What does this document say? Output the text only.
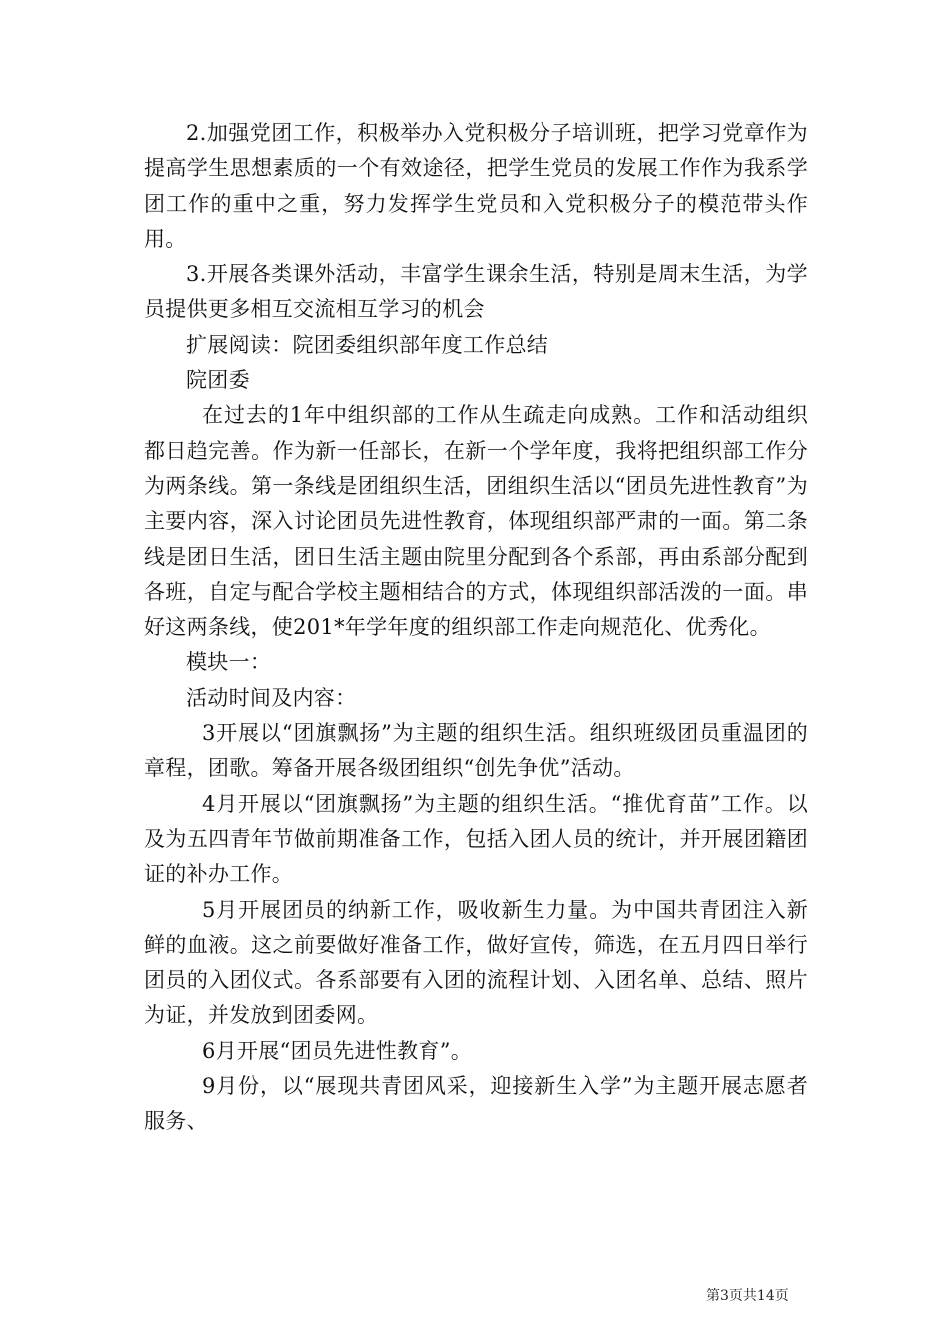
2.加强党团工作，积极举办入党积极分子培训班，把学习党章作为提高学生思想素质的一个有效途径，把学生党员的发展工作作为我系学团工作的重中之重，努力发挥学生党员和入党积极分子的模范带头作用。

3.开展各类课外活动，丰富学生课余生活，特别是周末生活，为学员提供更多相互交流相互学习的机会

扩展阅读：院团委组织部年度工作总结

院团委

在过去的1年中组织部的工作从生疏走向成熟。工作和活动组织都日趋完善。作为新一任部长，在新一个学年度，我将把组织部工作分为两条线。第一条线是团组织生活，团组织生活以“团员先进性教育”为主要内容，深入讨论团员先进性教育，体现组织部严肃的一面。第二条线是团日生活，团日生活主题由院里分配到各个系部，再由系部分配到各班，自定与配合学校主题相结合的方式，体现组织部活泼的一面。串好这两条线，使201*年学年度的组织部工作走向规范化、优秀化。

模块一：

活动时间及内容：

3开展以“团旗飘扬”为主题的组织生活。组织班级团员重温团的章程，团歌。筹备开展各级团组织“创先争优”活动。

4月开展以“团旗飘扬”为主题的组织生活。“推优育苗”工作。以及为五四青年节做前期准备工作，包括入团人员的统计，并开展团籍团证的补办工作。

5月开展团员的纳新工作，吸收新生力量。为中国共青团注入新鲜的血液。这之前要做好准备工作，做好宣传，筛选，在五月四日举行团员的入团仪式。各系部要有入团的流程计划、入团名单、总结、照片为证，并发放到团委网。

6月开展“团员先进性教育”。

9月份，以“展现共青团风采，迎接新生入学”为主题开展志愿者服务、

第3页共14页
